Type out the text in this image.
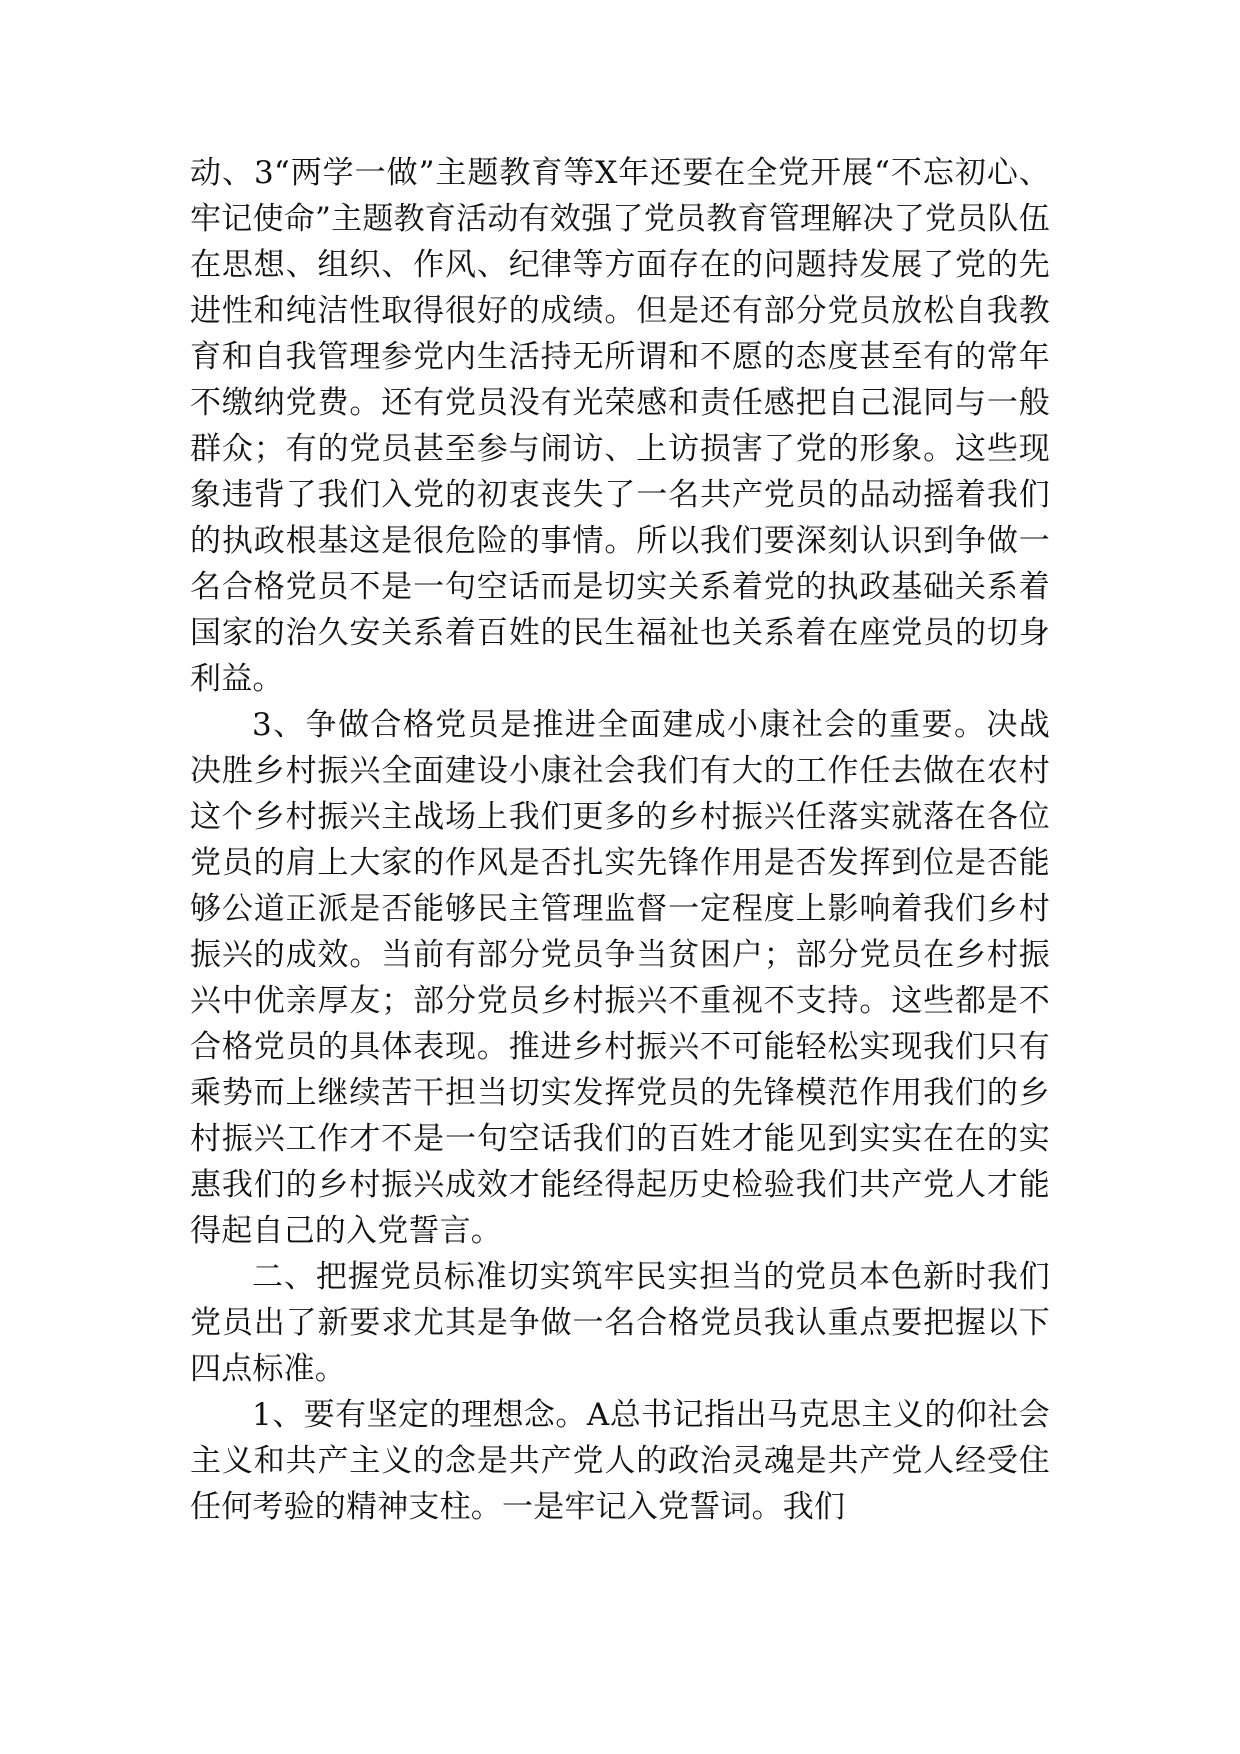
动、3“两学一做”主题教育等X年还要在全党开展“不忘初心、牢记使命”主题教育活动有效强了党员教育管理解决了党员队伍在思想、组织、作风、纪律等方面存在的问题持发展了党的先进性和纯洁性取得很好的成绩。但是还有部分党员放松自我教育和自我管理参党内生活持无所谓和不愿的态度甚至有的常年不缴纳党费。还有党员没有光荣感和责任感把自己混同与一般群众；有的党员甚至参与闹访、上访损害了党的形象。这些现象违背了我们入党的初衷丧失了一名共产党员的品动摇着我们的执政根基这是很危险的事情。所以我们要深刻认识到争做一名合格党员不是一句空话而是切实关系着党的执政基础关系着国家的治久安关系着百姓的民生福祉也关系着在座党员的切身利益。

3、争做合格党员是推进全面建成小康社会的重要。决战决胜乡村振兴全面建设小康社会我们有大的工作任去做在农村这个乡村振兴主战场上我们更多的乡村振兴任落实就落在各位党员的肩上大家的作风是否扎实先锋作用是否发挥到位是否能够公道正派是否能够民主管理监督一定程度上影响着我们乡村振兴的成效。当前有部分党员争当贫困户；部分党员在乡村振兴中优亲厚友；部分党员乡村振兴不重视不支持。这些都是不合格党员的具体表现。推进乡村振兴不可能轻松实现我们只有乘势而上继续苦干担当切实发挥党员的先锋模范作用我们的乡村振兴工作才不是一句空话我们的百姓才能见到实实在在的实惠我们的乡村振兴成效才能经得起历史检验我们共产党人才能得起自己的入党誓言。

二、把握党员标准切实筑牢民实担当的党员本色新时我们党员出了新要求尤其是争做一名合格党员我认重点要把握以下四点标准。

1、要有坚定的理想念。A总书记指出马克思主义的仰社会主义和共产主义的念是共产党人的政治灵魂是共产党人经受住任何考验的精神支柱。一是牢记入党誓词。我们
